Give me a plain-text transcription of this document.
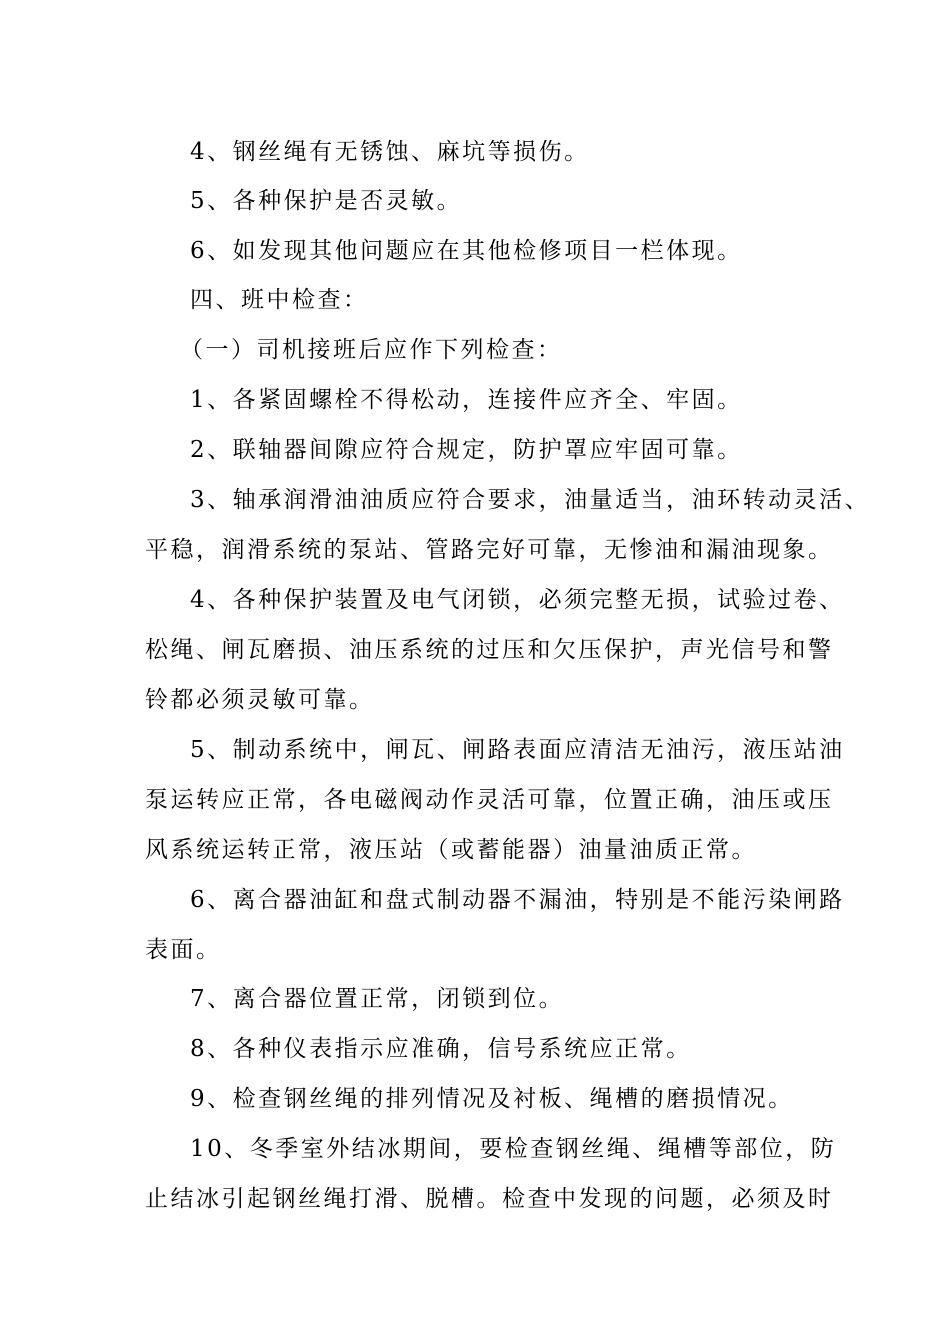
4、钢丝绳有无锈蚀、麻坑等损伤。
5、各种保护是否灵敏。
6、如发现其他问题应在其他检修项目一栏体现。
四、班中检查：
（一）司机接班后应作下列检查：
1、各紧固螺栓不得松动，连接件应齐全、牢固。
2、联轴器间隙应符合规定，防护罩应牢固可靠。
3、轴承润滑油油质应符合要求，油量适当，油环转动灵活、
平稳，润滑系统的泵站、管路完好可靠，无惨油和漏油现象。
4、各种保护装置及电气闭锁，必须完整无损，试验过卷、
松绳、闸瓦磨损、油压系统的过压和欠压保护，声光信号和警
铃都必须灵敏可靠。
5、制动系统中，闸瓦、闸路表面应清洁无油污，液压站油
泵运转应正常，各电磁阀动作灵活可靠，位置正确，油压或压
风系统运转正常，液压站（或蓄能器）油量油质正常。
6、离合器油缸和盘式制动器不漏油，特别是不能污染闸路
表面。
7、离合器位置正常，闭锁到位。
8、各种仪表指示应准确，信号系统应正常。
9、检查钢丝绳的排列情况及衬板、绳槽的磨损情况。
10、冬季室外结冰期间，要检查钢丝绳、绳槽等部位，防
止结冰引起钢丝绳打滑、脱槽。检查中发现的问题，必须及时
